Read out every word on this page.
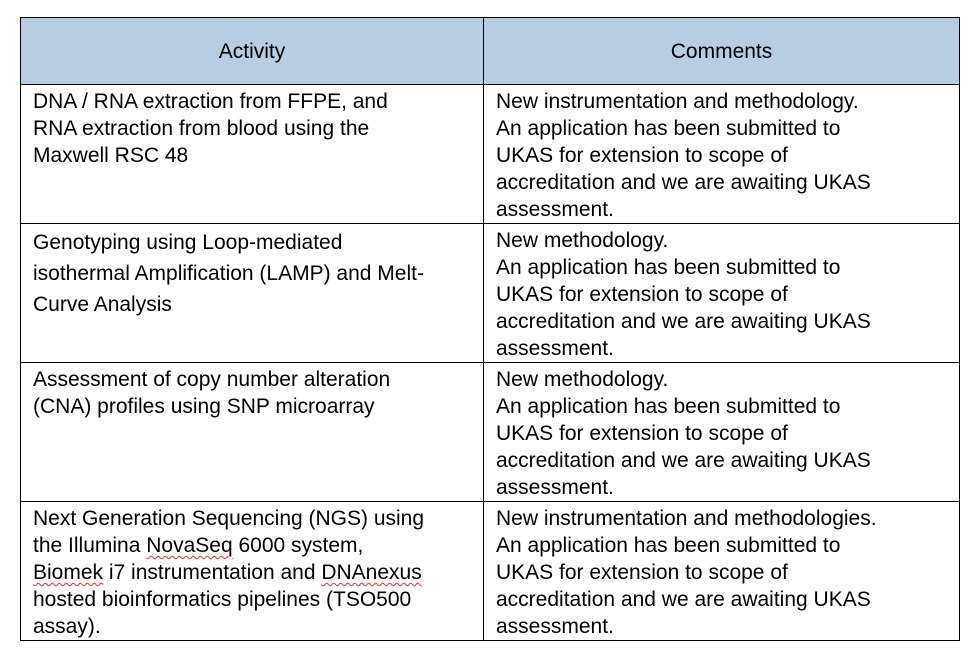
Activity	Comments

DNA / RNA extraction from FFPE, and
RNA extraction from blood using the
Maxwell RSC 48	New instrumentation and methodology.
An application has been submitted to
UKAS for extension to scope of
accreditation and we are awaiting UKAS
assessment.

Genotyping using Loop-mediated
isothermal Amplification (LAMP) and Melt-
Curve Analysis	New methodology.
An application has been submitted to
UKAS for extension to scope of
accreditation and we are awaiting UKAS
assessment.

Assessment of copy number alteration
(CNA) profiles using SNP microarray	New methodology.
An application has been submitted to
UKAS for extension to scope of
accreditation and we are awaiting UKAS
assessment.

Next Generation Sequencing (NGS) using
the Illumina NovaSeq 6000 system,
Biomek i7 instrumentation and DNAnexus
hosted bioinformatics pipelines (TSO500
assay).	New instrumentation and methodologies.
An application has been submitted to
UKAS for extension to scope of
accreditation and we are awaiting UKAS
assessment.
